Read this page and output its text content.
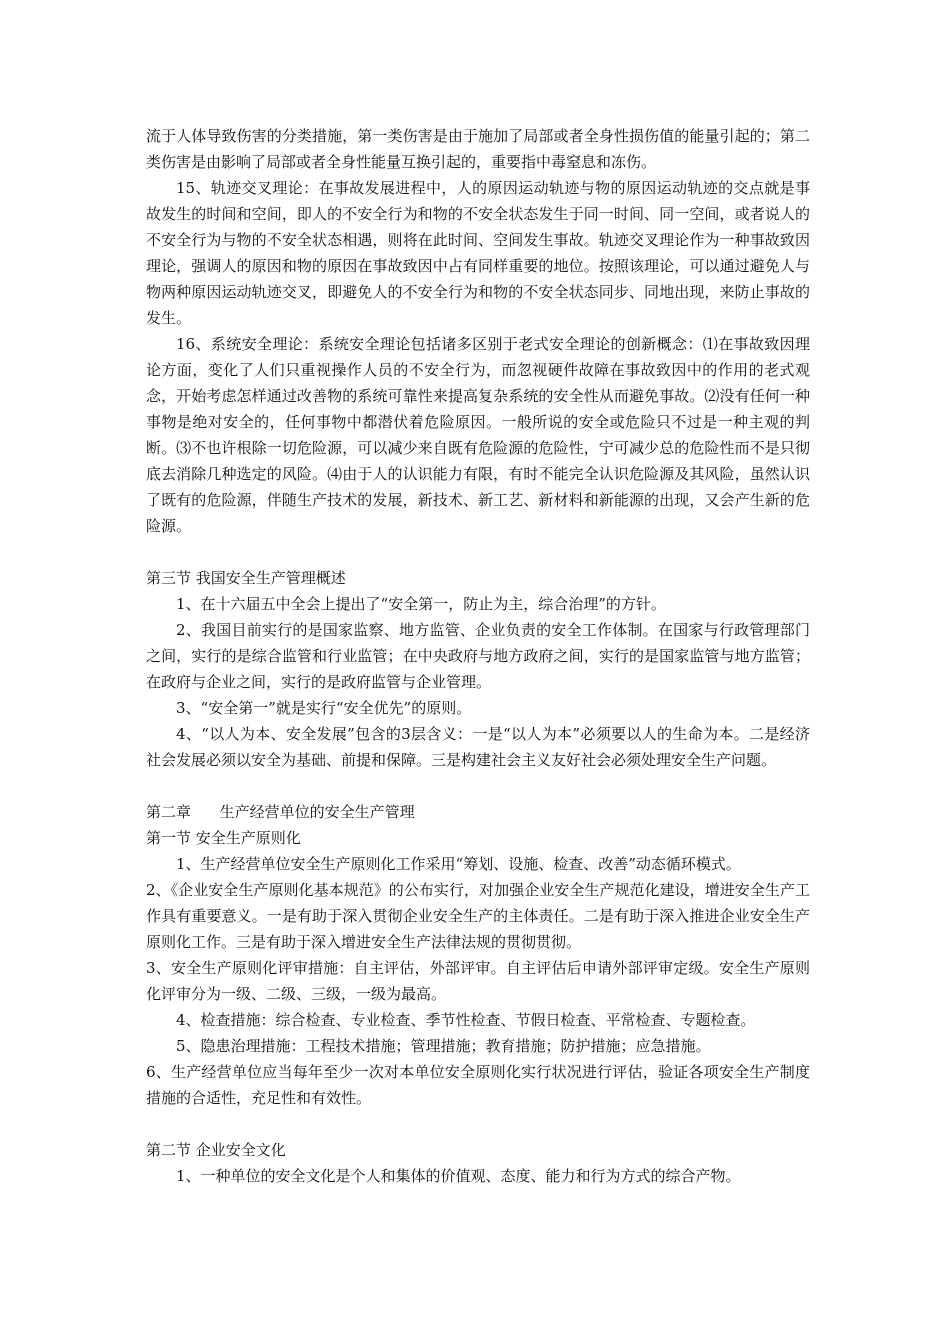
流于人体导致伤害的分类措施，第一类伤害是由于施加了局部或者全身性损伤值的能量引起的；第二类伤害是由影响了局部或者全身性能量互换引起的，重要指中毒窒息和冻伤。

15、轨迹交叉理论：在事故发展进程中，人的原因运动轨迹与物的原因运动轨迹的交点就是事故发生的时间和空间，即人的不安全行为和物的不安全状态发生于同一时间、同一空间，或者说人的不安全行为与物的不安全状态相遇，则将在此时间、空间发生事故。轨迹交叉理论作为一种事故致因理论，强调人的原因和物的原因在事故致因中占有同样重要的地位。按照该理论，可以通过避免人与物两种原因运动轨迹交叉，即避免人的不安全行为和物的不安全状态同步、同地出现，来防止事故的发生。

16、系统安全理论：系统安全理论包括诸多区别于老式安全理论的创新概念：⑴在事故致因理论方面，变化了人们只重视操作人员的不安全行为，而忽视硬件故障在事故致因中的作用的老式观念，开始考虑怎样通过改善物的系统可靠性来提高复杂系统的安全性从而避免事故。⑵没有任何一种事物是绝对安全的，任何事物中都潜伏着危险原因。一般所说的安全或危险只不过是一种主观的判断。⑶不也许根除一切危险源，可以减少来自既有危险源的危险性，宁可减少总的危险性而不是只彻底去消除几种选定的风险。⑷由于人的认识能力有限，有时不能完全认识危险源及其风险，虽然认识了既有的危险源，伴随生产技术的发展，新技术、新工艺、新材料和新能源的出现，又会产生新的危险源。

第三节 我国安全生产管理概述

1、在十六届五中全会上提出了“安全第一，防止为主，综合治理”的方针。

2、我国目前实行的是国家监察、地方监管、企业负责的安全工作体制。在国家与行政管理部门之间，实行的是综合监管和行业监管；在中央政府与地方政府之间，实行的是国家监管与地方监管；在政府与企业之间，实行的是政府监管与企业管理。

3、“安全第一”就是实行“安全优先”的原则。

4、“以人为本、安全发展”包含的3层含义：一是“以人为本”必须要以人的生命为本。二是经济社会发展必须以安全为基础、前提和保障。三是构建社会主义友好社会必须处理安全生产问题。

第二章      生产经营单位的安全生产管理

第一节 安全生产原则化

1、生产经营单位安全生产原则化工作采用“筹划、设施、检查、改善”动态循环模式。

2、《企业安全生产原则化基本规范》的公布实行，对加强企业安全生产规范化建设，增进安全生产工作具有重要意义。一是有助于深入贯彻企业安全生产的主体责任。二是有助于深入推进企业安全生产原则化工作。三是有助于深入增进安全生产法律法规的贯彻贯彻。

3、安全生产原则化评审措施：自主评估，外部评审。自主评估后申请外部评审定级。安全生产原则化评审分为一级、二级、三级，一级为最高。

4、检查措施：综合检查、专业检查、季节性检查、节假日检查、平常检查、专题检查。

5、隐患治理措施：工程技术措施；管理措施；教育措施；防护措施；应急措施。

6、生产经营单位应当每年至少一次对本单位安全原则化实行状况进行评估，验证各项安全生产制度措施的合适性，充足性和有效性。

第二节 企业安全文化

1、一种单位的安全文化是个人和集体的价值观、态度、能力和行为方式的综合产物。
